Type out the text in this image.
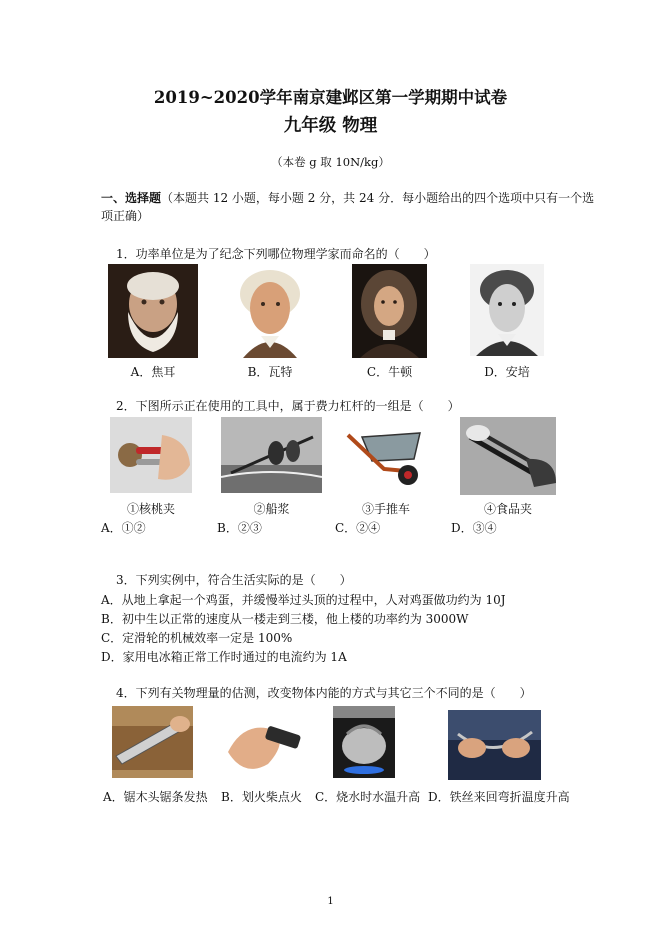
2019~2020学年南京建邺区第一学期期中试卷
九年级 物理
（本卷 g 取 10N/kg）
一、选择题（本题共 12 小题，每小题 2 分，共 24 分．每小题给出的四个选项中只有一个选
项正确）
1．功率单位是为了纪念下列哪位物理学家而命名的（　　）
A．焦耳	B．瓦特	C．牛顿	D．安培
2．下图所示正在使用的工具中，属于费力杠杆的一组是（　　）
①核桃夹	②船浆	③手推车	④食品夹
A．①②	B．②③	C．②④	D．③④
3．下列实例中，符合生活实际的是（　　）
A．从地上拿起一个鸡蛋，并缓慢举过头顶的过程中，人对鸡蛋做功约为 10J
B．初中生以正常的速度从一楼走到三楼，他上楼的功率约为 3000W
C．定滑轮的机械效率一定是 100%
D．家用电冰箱正常工作时通过的电流约为 1A
4．下列有关物理量的估测，改变物体内能的方式与其它三个不同的是（　　）
A．锯木头锯条发热 B．划火柴点火 C．烧水时水温升高 D．铁丝来回弯折温度升高
1
